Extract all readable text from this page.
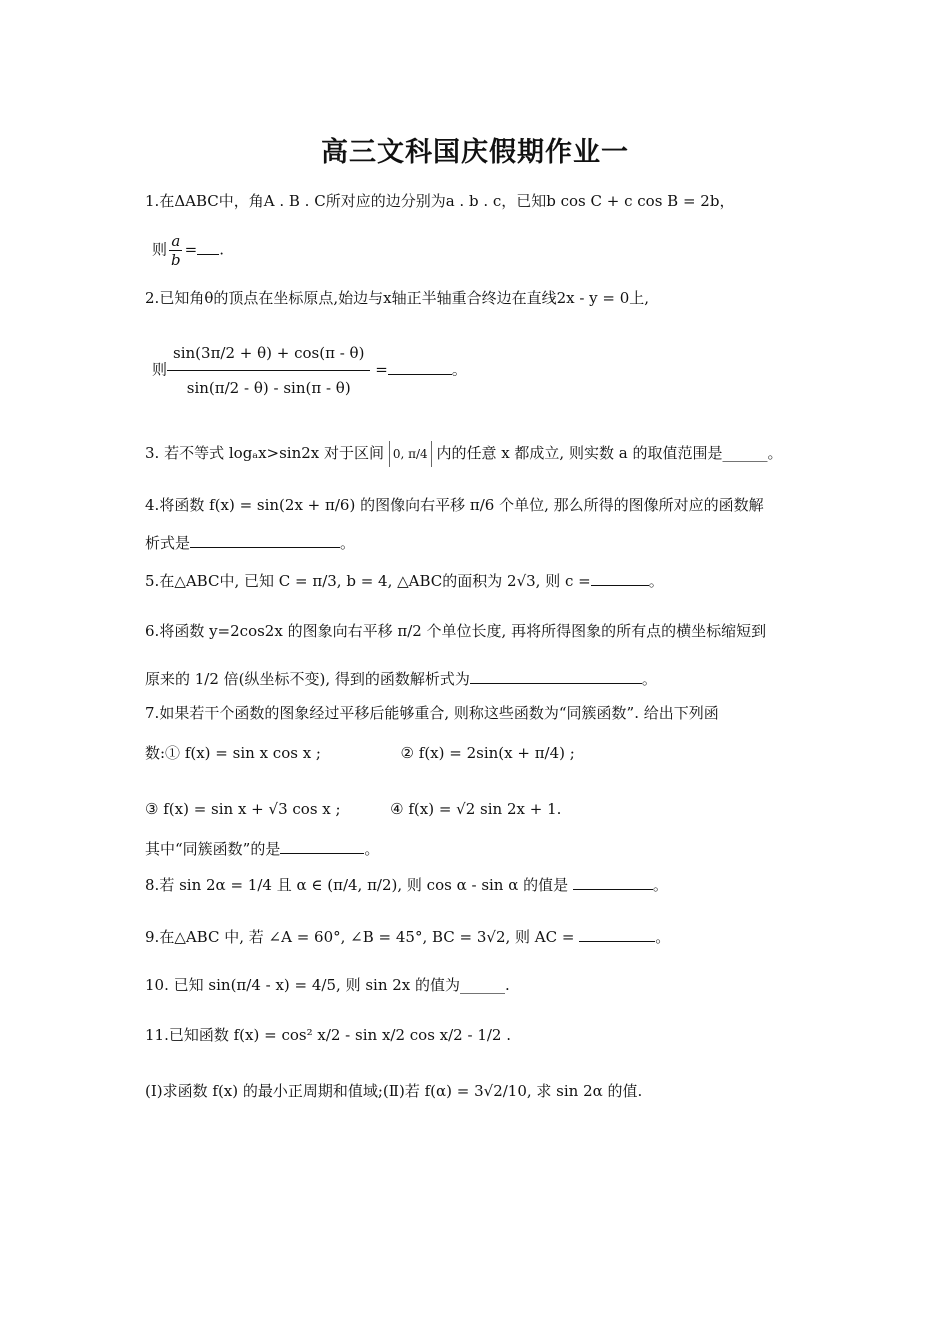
高三文科国庆假期作业一
1.在ΔABC中，角A . B . C所对应的边分别为a . b . c，已知b cos C + c cos B = 2b，
则 $\frac{a}{b}$ = .
2.已知角θ的顶点在坐标原点,始边与x轴正半轴重合终边在直线2x - y = 0上,
则 $\frac{\sin(3\pi/2 + \theta) + \cos(\pi - \theta)}{\sin(\pi/2 - \theta) - \sin(\pi - \theta)}$ =	。
3. 若不等式 logₐx>sin2x 对于区间 0, π/4 内的任意 x 都成立, 则实数 a 的取值范围是______。
4.将函数 f(x) = sin(2x + π/6) 的图像向右平移 π/6 个单位, 那么所得的图像所对应的函数解
析式是	。
5.在△ABC中, 已知 C = π/3, b = 4, △ABC的面积为 2√3, 则 c =	。
6.将函数 y=2cos2x 的图象向右平移 π/2 个单位长度, 再将所得图象的所有点的横坐标缩短到
原来的 1/2 倍(纵坐标不变), 得到的函数解析式为	。
7.如果若干个函数的图象经过平移后能够重合, 则称这些函数为“同簇函数”. 给出下列函
数:① f(x) = sin x cos x ;	② f(x) = 2sin(x + π/4) ;
③ f(x) = sin x + √3 cos x ;	④ f(x) = √2 sin 2x + 1.
其中“同簇函数”的是	。
8.若 sin 2α = 1/4 且 α ∈ (π/4, π/2), 则 cos α - sin α 的值是	。
9.在△ABC 中, 若 ∠A = 60°, ∠B = 45°, BC = 3√2, 则 AC =	。
10. 已知 sin(π/4 - x) = 4/5, 则 sin 2x 的值为______.
11.已知函数 f(x) = cos² x/2 - sin x/2 cos x/2 - 1/2 .
(Ⅰ)求函数 f(x) 的最小正周期和值域;(Ⅱ)若 f(α) = 3√2/10, 求 sin 2α 的值.
